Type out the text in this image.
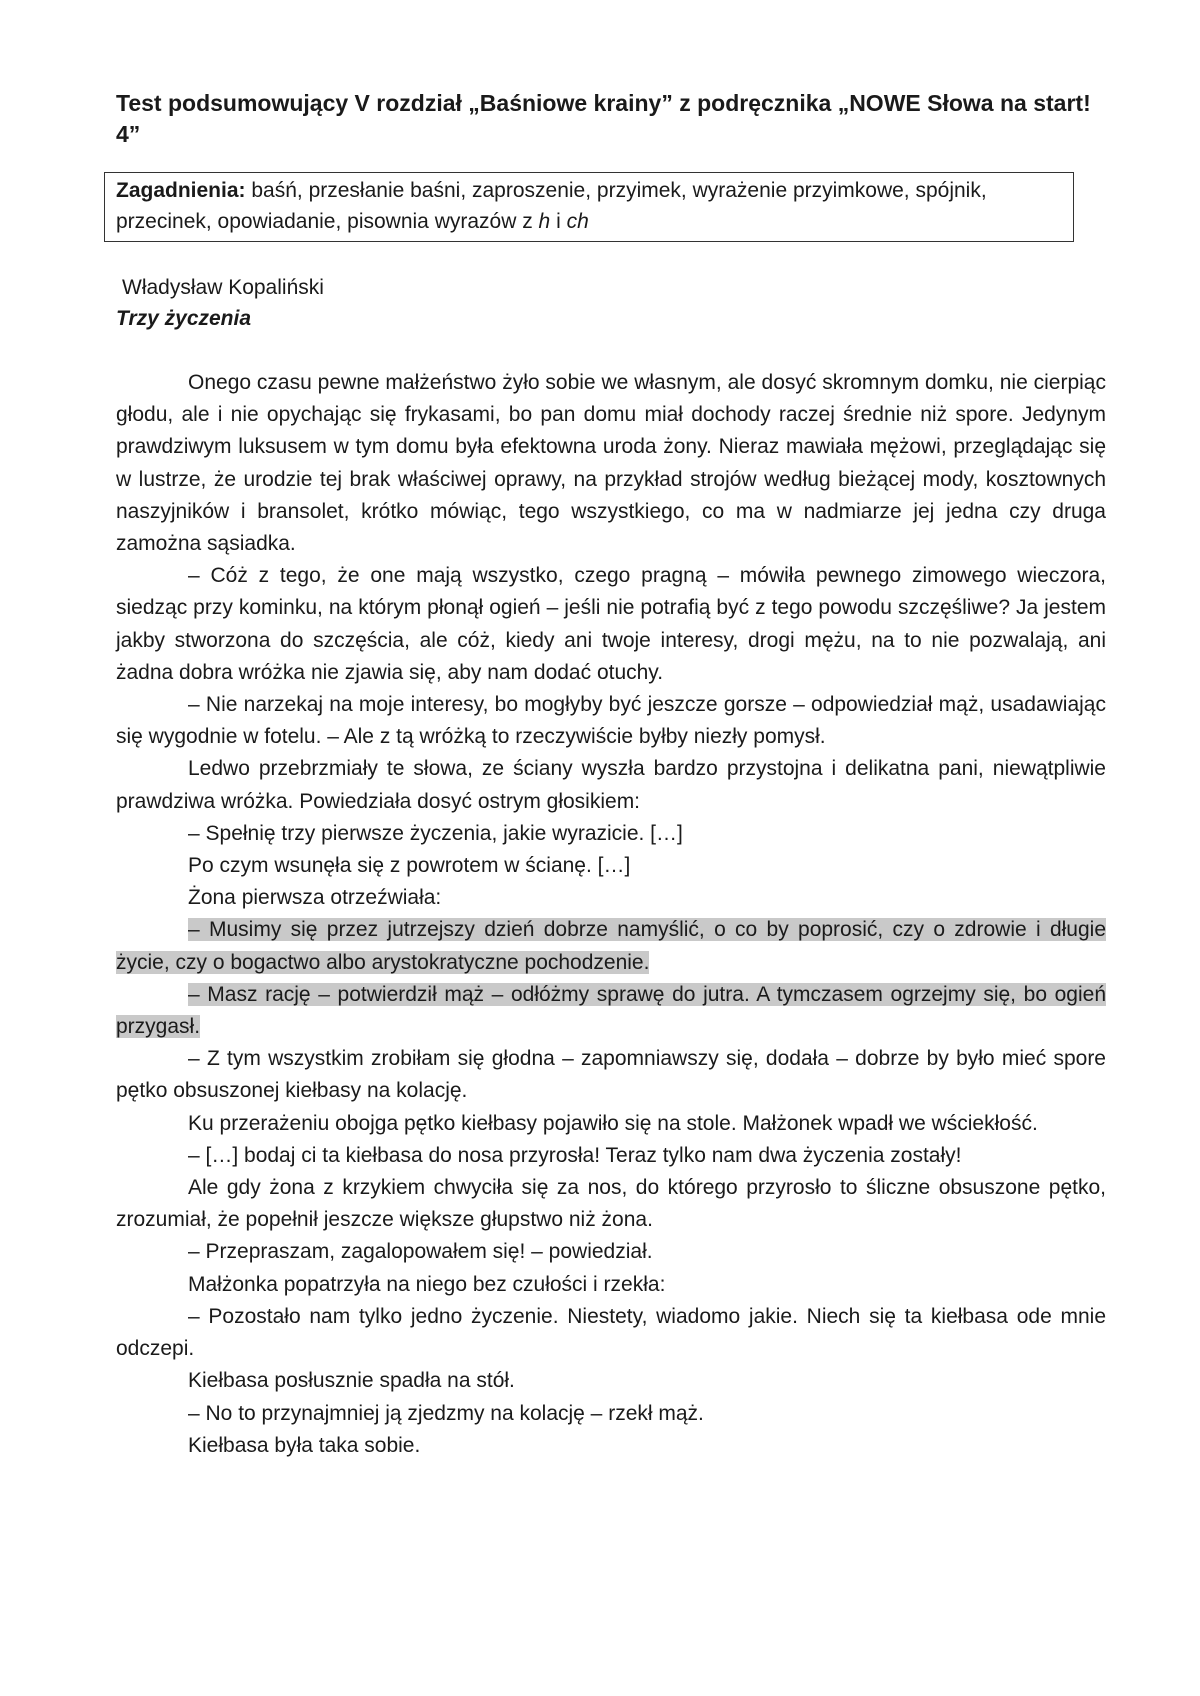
Test podsumowujący V rozdział „Baśniowe krainy” z podręcznika „NOWE Słowa na start! 4”
Zagadnienia: baśń, przesłanie baśni, zaproszenie, przyimek, wyrażenie przyimkowe, spójnik, przecinek, opowiadanie, pisownia wyrazów z h i ch
Władysław Kopaliński
Trzy życzenia

Onego czasu pewne małżeństwo żyło sobie we własnym, ale dosyć skromnym domku, nie cierpiąc głodu, ale i nie opychając się frykasami, bo pan domu miał dochody raczej średnie niż spore. Jedynym prawdziwym luksusem w tym domu była efektowna uroda żony. Nieraz mawiała mężowi, przeglądając się w lustrze, że urodzie tej brak właściwej oprawy, na przykład strojów według bieżącej mody, kosztownych naszyjników i bransolet, krótko mówiąc, tego wszystkiego, co ma w nadmiarze jej jedna czy druga zamożna sąsiadka.

– Cóż z tego, że one mają wszystko, czego pragną – mówiła pewnego zimowego wieczora, siedząc przy kominku, na którym płonął ogień – jeśli nie potrafią być z tego powodu szczęśliwe? Ja jestem jakby stworzona do szczęścia, ale cóż, kiedy ani twoje interesy, drogi mężu, na to nie pozwalają, ani żadna dobra wróżka nie zjawia się, aby nam dodać otuchy.

– Nie narzekaj na moje interesy, bo mogłyby być jeszcze gorsze – odpowiedział mąż, usadawiając się wygodnie w fotelu. – Ale z tą wróżką to rzeczywiście byłby niezły pomysł.

Ledwo przebrzmiały te słowa, ze ściany wyszła bardzo przystojna i delikatna pani, niewątpliwie prawdziwa wróżka. Powiedziała dosyć ostrym głosikiem:

– Spełnię trzy pierwsze życzenia, jakie wyrazicie. […]

Po czym wsunęła się z powrotem w ścianę. […]

Żona pierwsza otrzeźwiała:

– Musimy się przez jutrzejszy dzień dobrze namyślić, o co by poprosić, czy o zdrowie i długie życie, czy o bogactwo albo arystokratyczne pochodzenie.

– Masz rację – potwierdził mąż – odłóżmy sprawę do jutra. A tymczasem ogrzejmy się, bo ogień przygasł.

– Z tym wszystkim zrobiłam się głodna – zapomniawszy się, dodała – dobrze by było mieć spore pętko obsuszonej kiełbasy na kolację.

Ku przerażeniu obojga pętko kiełbasy pojawiło się na stole. Małżonek wpadł we wściekłość.

– […] bodaj ci ta kiełbasa do nosa przyrosła! Teraz tylko nam dwa życzenia zostały!

Ale gdy żona z krzykiem chwyciła się za nos, do którego przyrosło to śliczne obsuszone pętko, zrozumiał, że popełnił jeszcze większe głupstwo niż żona.

– Przepraszam, zagalopowałem się! – powiedział.

Małżonka popatrzyła na niego bez czułości i rzekła:

– Pozostało nam tylko jedno życzenie. Niestety, wiadomo jakie. Niech się ta kiełbasa ode mnie odczepi.

Kiełbasa posłusznie spadła na stół.

– No to przynajmniej ją zjedzmy na kolację – rzekł mąż.

Kiełbasa była taka sobie.
